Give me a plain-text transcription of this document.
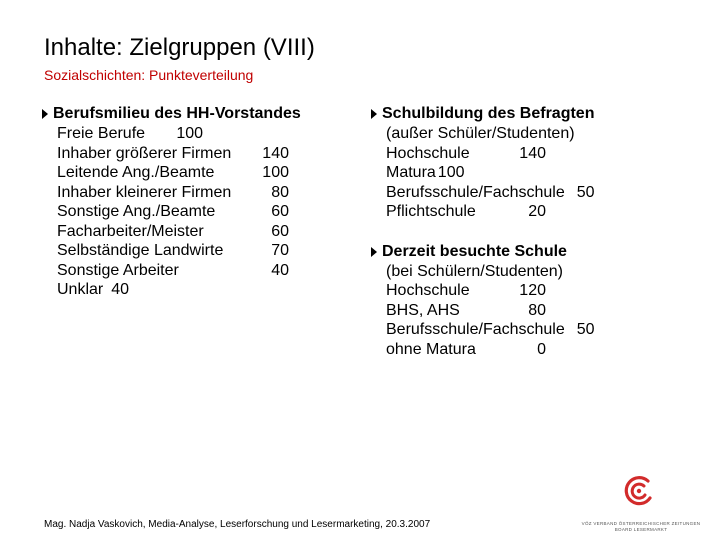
Inhalte: Zielgruppen (VIII)
Sozialschichten: Punkteverteilung
Berufsmilieu des HH-Vorstandes
Freie Berufe	100
Inhaber größerer Firmen	140
Leitende Ang./Beamte	100
Inhaber kleinerer Firmen	80
Sonstige Ang./Beamte	60
Facharbeiter/Meister	60
Selbständige Landwirte	70
Sonstige Arbeiter	40
Unklar 40
Schulbildung des Befragten
(außer Schüler/Studenten)
Hochschule	140
Matura 100
Berufsschule/Fachschule 50
Pflichtschule	20
Derzeit besuchte Schule
(bei Schülern/Studenten)
Hochschule	120
BHS, AHS	80
Berufsschule/Fachschule 50
ohne Matura	0
Mag. Nadja Vaskovich, Media-Analyse, Leserforschung und Lesermarketing, 20.3.2007	VÖZ VERBAND ÖSTERREICHISCHER ZEITUNGEN
BOARD LESERMARKT
